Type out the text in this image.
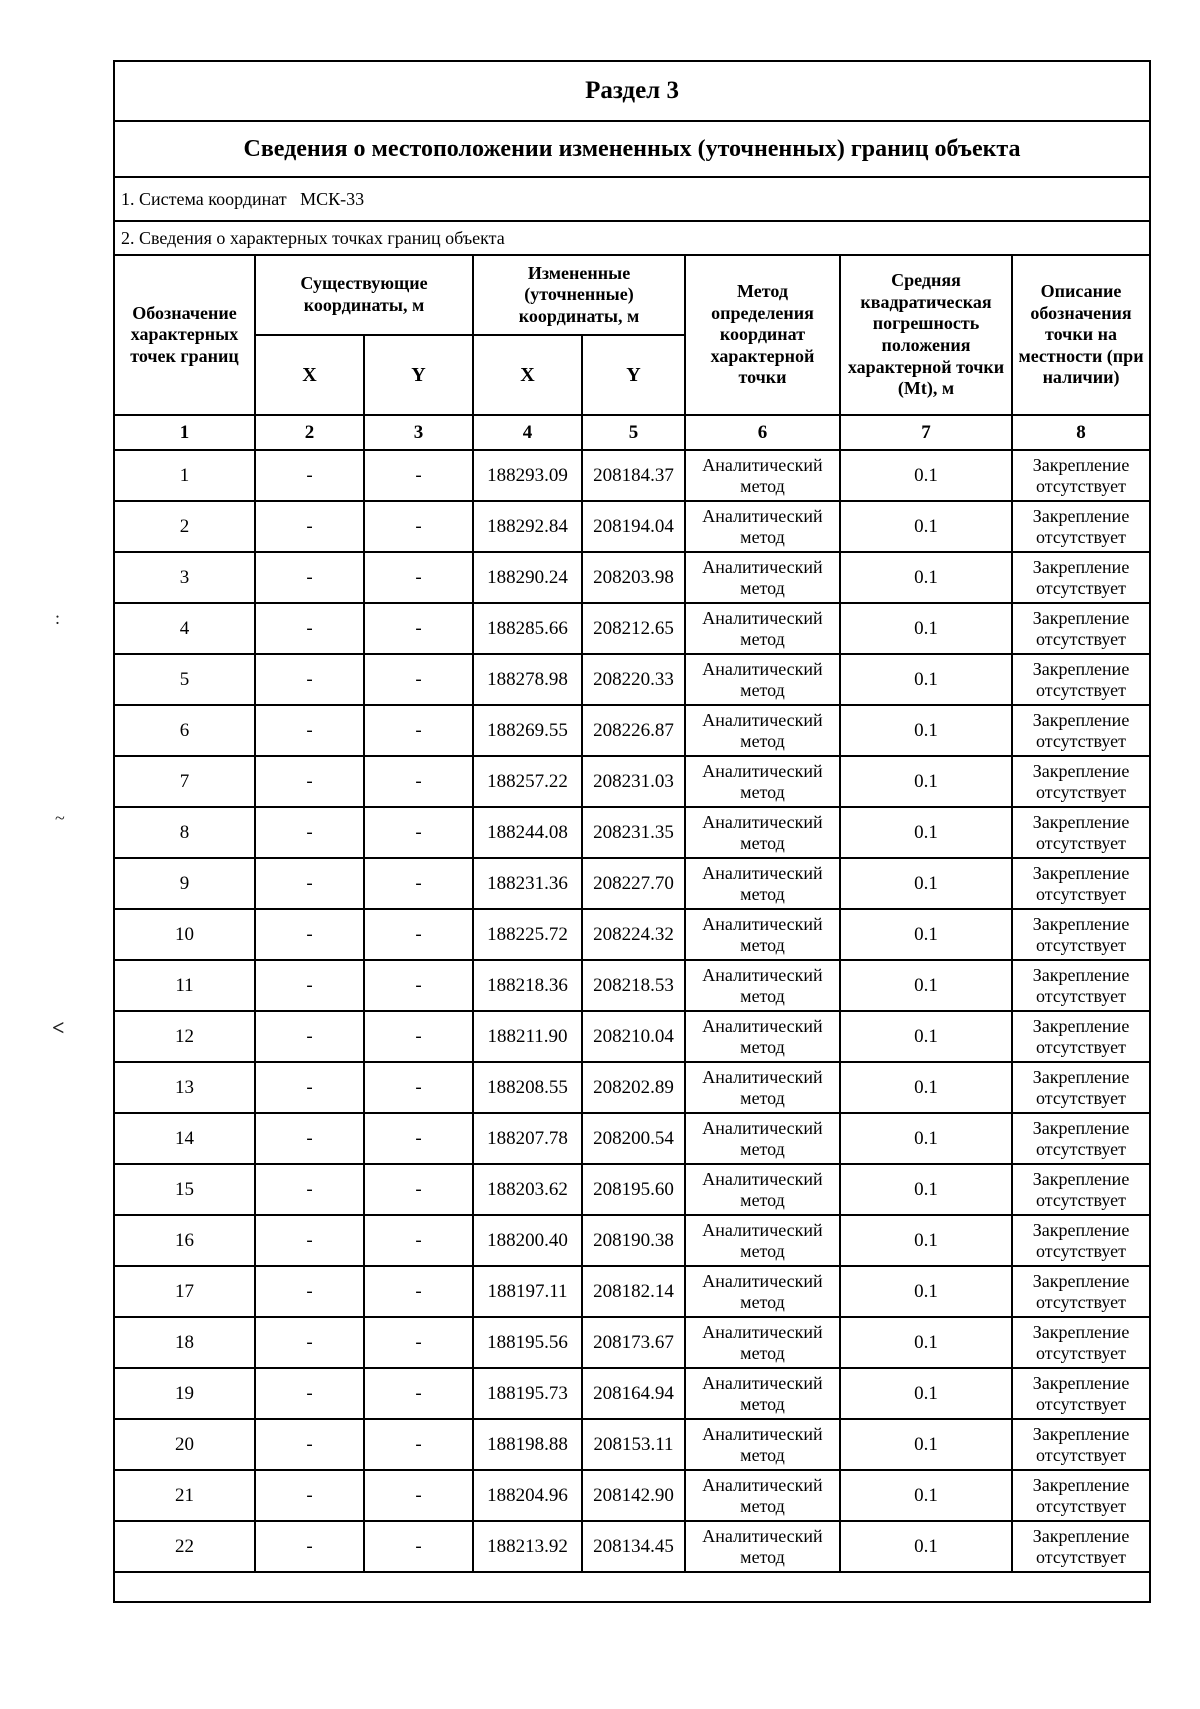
:
~
<
Раздел 3							
Сведения о местоположении измененных (уточненных) границ объекта							
1. Система координат   МСК-33							
2. Сведения о характерных точках границ объекта							
Обозначение характерных точек границ	Существующие координаты, м		Измененные (уточненные) координаты, м		Метод определения координат характерной точки	Средняя квадратическая погрешность положения характерной точки (Mt), м	Описание обозначения точки на местности (при наличии)
	X	Y	X	Y			
1	2	3	4	5	6	7	8
1	-	-	188293.09	208184.37	Аналитический метод	0.1	Закрепление отсутствует
2	-	-	188292.84	208194.04	Аналитический метод	0.1	Закрепление отсутствует
3	-	-	188290.24	208203.98	Аналитический метод	0.1	Закрепление отсутствует
4	-	-	188285.66	208212.65	Аналитический метод	0.1	Закрепление отсутствует
5	-	-	188278.98	208220.33	Аналитический метод	0.1	Закрепление отсутствует
6	-	-	188269.55	208226.87	Аналитический метод	0.1	Закрепление отсутствует
7	-	-	188257.22	208231.03	Аналитический метод	0.1	Закрепление отсутствует
8	-	-	188244.08	208231.35	Аналитический метод	0.1	Закрепление отсутствует
9	-	-	188231.36	208227.70	Аналитический метод	0.1	Закрепление отсутствует
10	-	-	188225.72	208224.32	Аналитический метод	0.1	Закрепление отсутствует
11	-	-	188218.36	208218.53	Аналитический метод	0.1	Закрепление отсутствует
12	-	-	188211.90	208210.04	Аналитический метод	0.1	Закрепление отсутствует
13	-	-	188208.55	208202.89	Аналитический метод	0.1	Закрепление отсутствует
14	-	-	188207.78	208200.54	Аналитический метод	0.1	Закрепление отсутствует
15	-	-	188203.62	208195.60	Аналитический метод	0.1	Закрепление отсутствует
16	-	-	188200.40	208190.38	Аналитический метод	0.1	Закрепление отсутствует
17	-	-	188197.11	208182.14	Аналитический метод	0.1	Закрепление отсутствует
18	-	-	188195.56	208173.67	Аналитический метод	0.1	Закрепление отсутствует
19	-	-	188195.73	208164.94	Аналитический метод	0.1	Закрепление отсутствует
20	-	-	188198.88	208153.11	Аналитический метод	0.1	Закрепление отсутствует
21	-	-	188204.96	208142.90	Аналитический метод	0.1	Закрепление отсутствует
22	-	-	188213.92	208134.45	Аналитический метод	0.1	Закрепление отсутствует
